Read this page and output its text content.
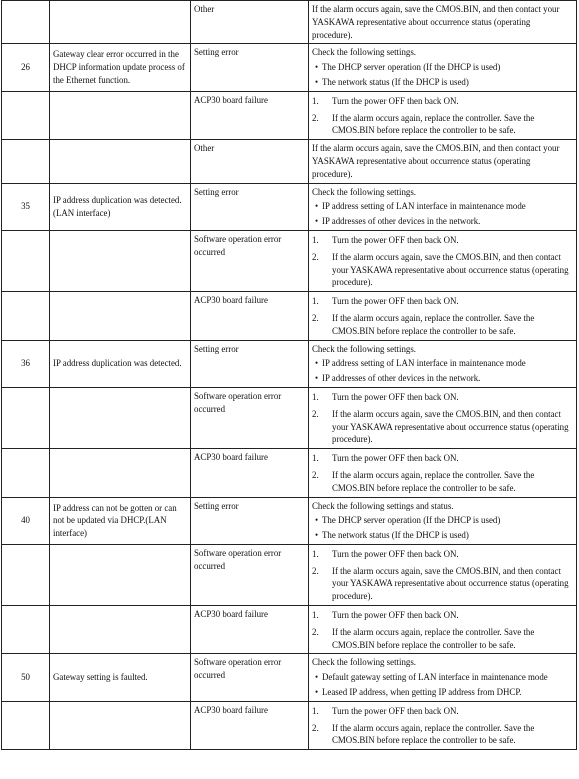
		Other	If the alarm occurs again, save the CMOS.BIN, and then contact your YASKAWA representative about occurrence status (operating procedure).

26	Gateway clear error occurred in the DHCP information update process of the Ethernet function.	Setting error	Check the following settings.
• The DHCP server operation (If the DHCP is used)
• The network status (If the DHCP is used)

		ACP30 board failure	1. Turn the power OFF then back ON.
2. If the alarm occurs again, replace the controller. Save the CMOS.BIN before replace the controller to be safe.

		Other	If the alarm occurs again, save the CMOS.BIN, and then contact your YASKAWA representative about occurrence status (operating procedure).

35	IP address duplication was detected.(LAN interface)	Setting error	Check the following settings.
• IP address setting of LAN interface in maintenance mode
• IP addresses of other devices in the network.

		Software operation error occurred	1. Turn the power OFF then back ON.
2. If the alarm occurs again, save the CMOS.BIN, and then contact your YASKAWA representative about occurrence status (operating procedure).

		ACP30 board failure	1. Turn the power OFF then back ON.
2. If the alarm occurs again, replace the controller. Save the CMOS.BIN before replace the controller to be safe.

36	IP address duplication was detected.	Setting error	Check the following settings.
• IP address setting of LAN interface in maintenance mode
• IP addresses of other devices in the network.

		Software operation error occurred	1. Turn the power OFF then back ON.
2. If the alarm occurs again, save the CMOS.BIN, and then contact your YASKAWA representative about occurrence status (operating procedure).

		ACP30 board failure	1. Turn the power OFF then back ON.
2. If the alarm occurs again, replace the controller. Save the CMOS.BIN before replace the controller to be safe.

40	IP address can not be gotten or can not be updated via DHCP.(LAN interface)	Setting error	Check the following settings and status.
• The DHCP server operation (If the DHCP is used)
• The network status (If the DHCP is used)

		Software operation error occurred	1. Turn the power OFF then back ON.
2. If the alarm occurs again, save the CMOS.BIN, and then contact your YASKAWA representative about occurrence status (operating procedure).

		ACP30 board failure	1. Turn the power OFF then back ON.
2. If the alarm occurs again, replace the controller. Save the CMOS.BIN before replace the controller to be safe.

50	Gateway setting is faulted.	Software operation error occurred	Check the following settings.
• Default gateway setting of LAN interface in maintenance mode
• Leased IP address, when getting IP address from DHCP.

		ACP30 board failure	1. Turn the power OFF then back ON.
2. If the alarm occurs again, replace the controller. Save the CMOS.BIN before replace the controller to be safe.
